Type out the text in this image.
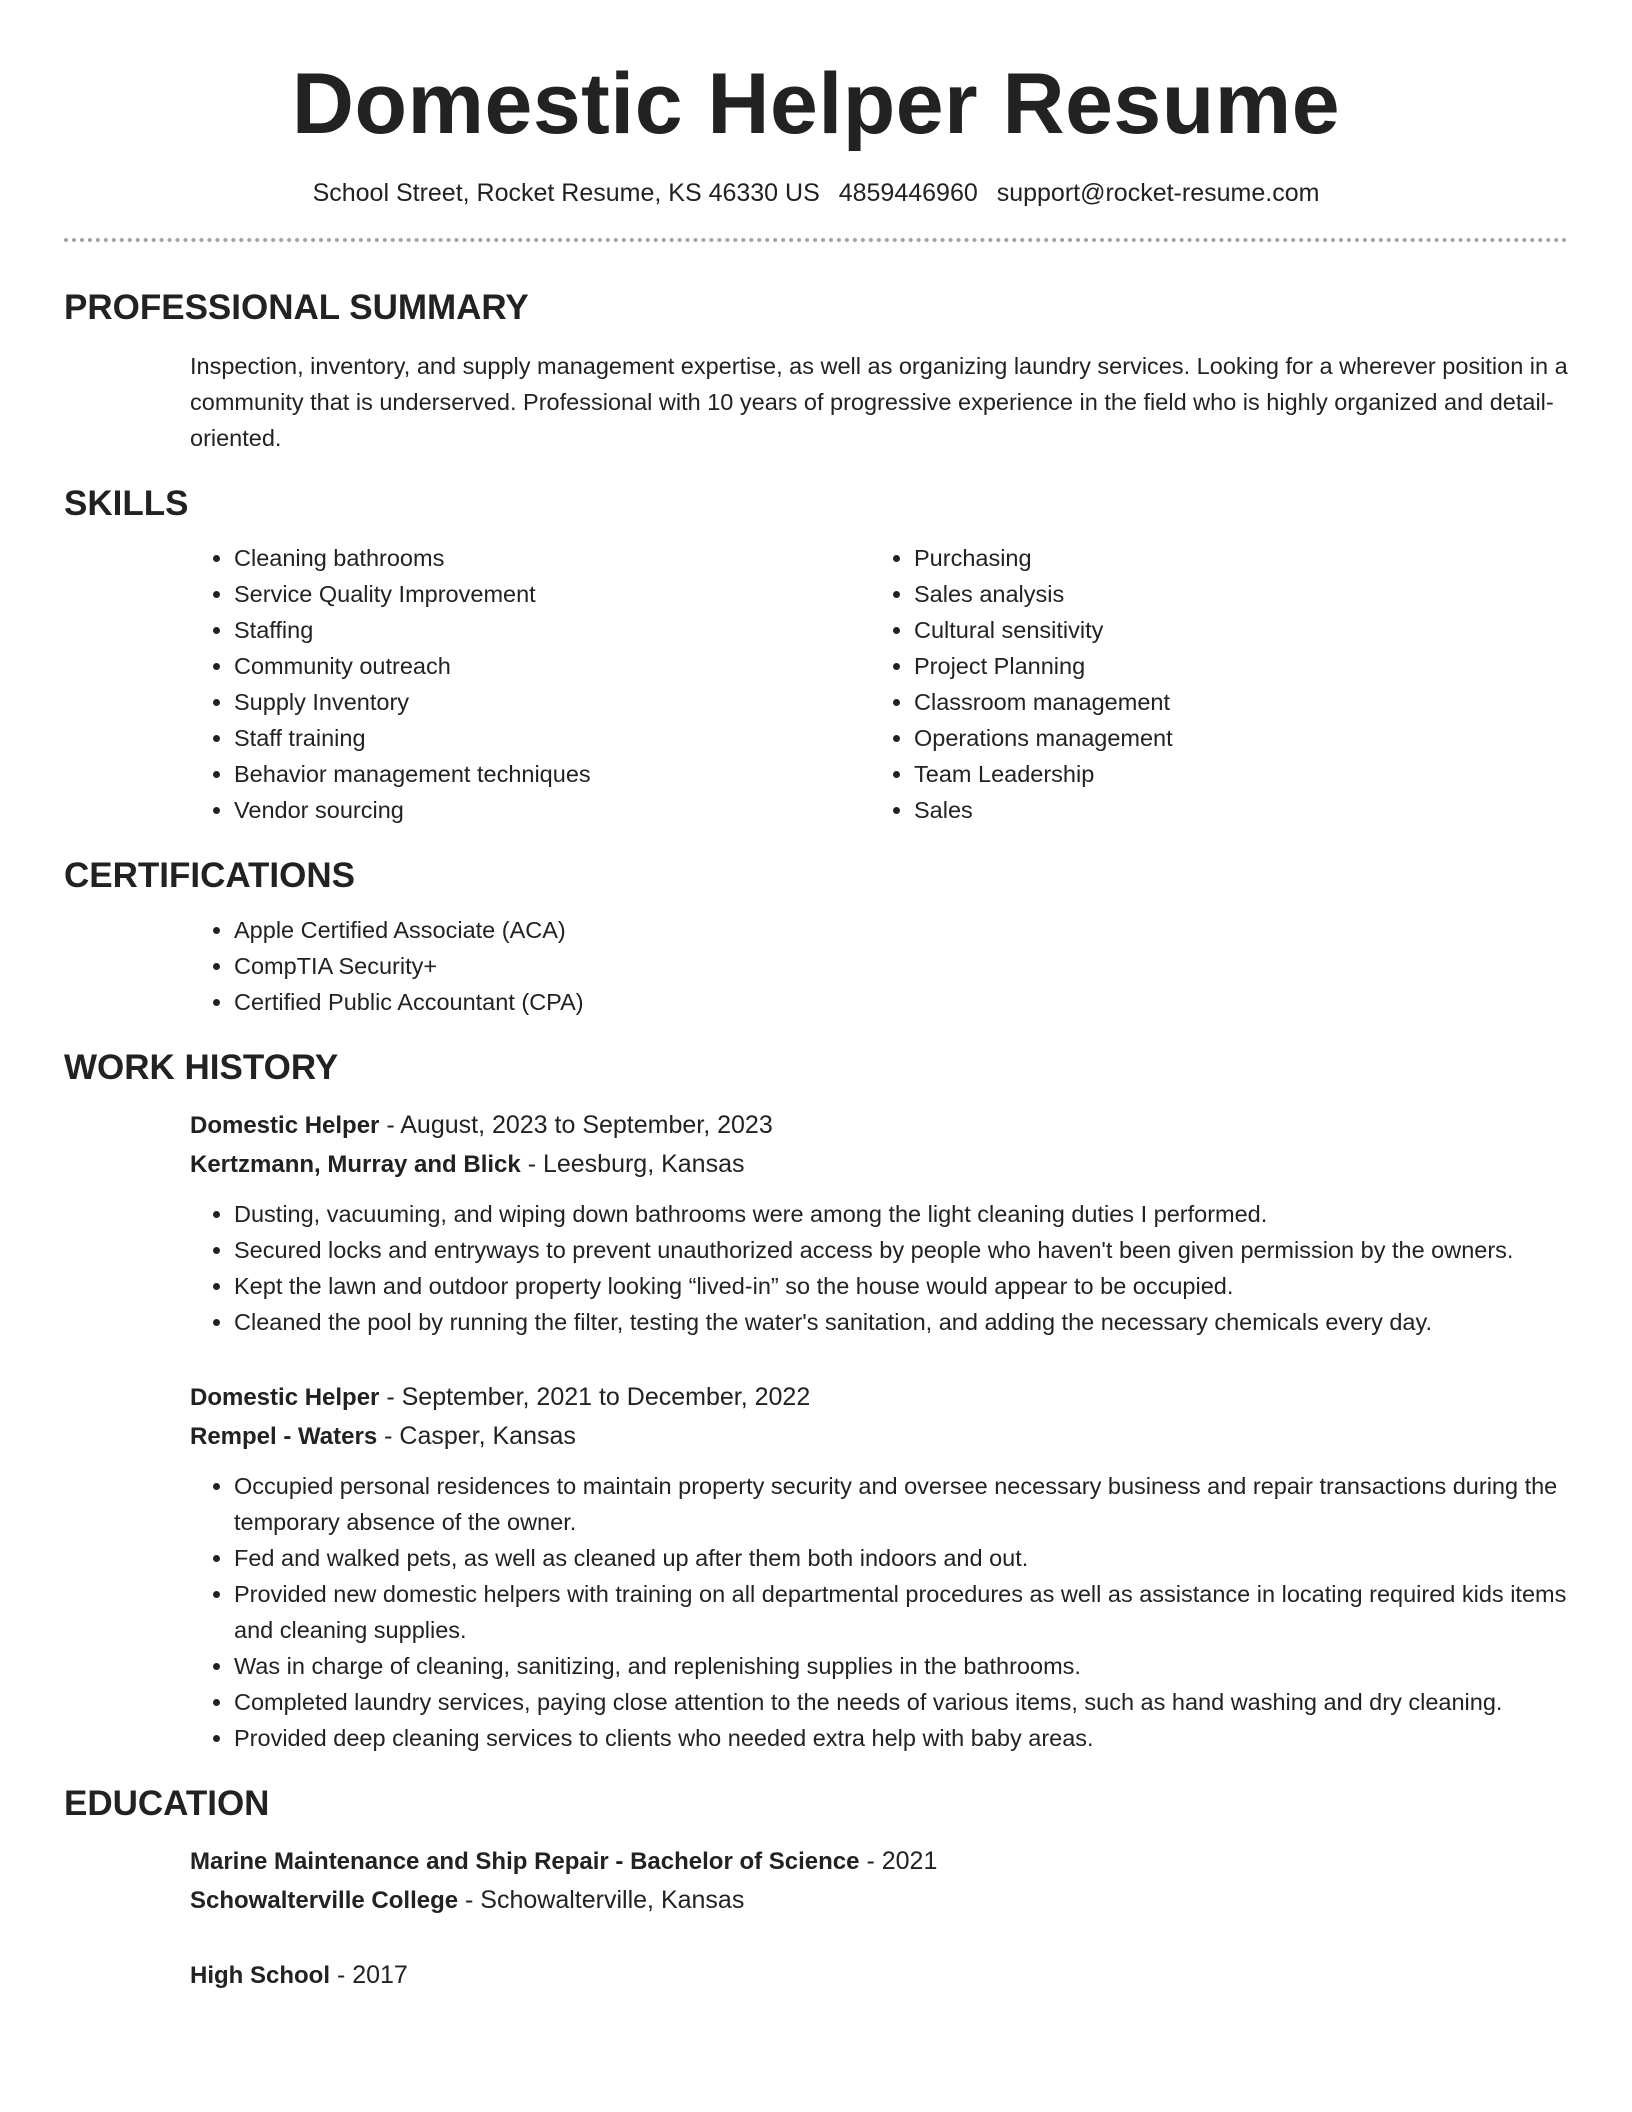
Domestic Helper Resume
School Street, Rocket Resume, KS 46330 US 4859446960 support@rocket-resume.com
PROFESSIONAL SUMMARY

Inspection, inventory, and supply management expertise, as well as organizing laundry services. Looking for a wherever position in a community that is underserved. Professional with 10 years of progressive experience in the field who is highly organized and detail-oriented.

SKILLS
• Cleaning bathrooms
• Service Quality Improvement
• Staffing
• Community outreach
• Supply Inventory
• Staff training
• Behavior management techniques
• Vendor sourcing
• Purchasing
• Sales analysis
• Cultural sensitivity
• Project Planning
• Classroom management
• Operations management
• Team Leadership
• Sales
CERTIFICATIONS
• Apple Certified Associate (ACA)
• CompTIA Security+
• Certified Public Accountant (CPA)
WORK HISTORY
Domestic Helper - August, 2023 to September, 2023
Kertzmann, Murray and Blick - Leesburg, Kansas
• Dusting, vacuuming, and wiping down bathrooms were among the light cleaning duties I performed.
• Secured locks and entryways to prevent unauthorized access by people who haven't been given permission by the owners.
• Kept the lawn and outdoor property looking “lived-in” so the house would appear to be occupied.
• Cleaned the pool by running the filter, testing the water's sanitation, and adding the necessary chemicals every day.
Domestic Helper - September, 2021 to December, 2022
Rempel - Waters - Casper, Kansas
• Occupied personal residences to maintain property security and oversee necessary business and repair transactions during the temporary absence of the owner.
• Fed and walked pets, as well as cleaned up after them both indoors and out.
• Provided new domestic helpers with training on all departmental procedures as well as assistance in locating required kids items and cleaning supplies.
• Was in charge of cleaning, sanitizing, and replenishing supplies in the bathrooms.
• Completed laundry services, paying close attention to the needs of various items, such as hand washing and dry cleaning.
• Provided deep cleaning services to clients who needed extra help with baby areas.
EDUCATION
Marine Maintenance and Ship Repair - Bachelor of Science - 2021
Schowalterville College - Schowalterville, Kansas
High School - 2017
